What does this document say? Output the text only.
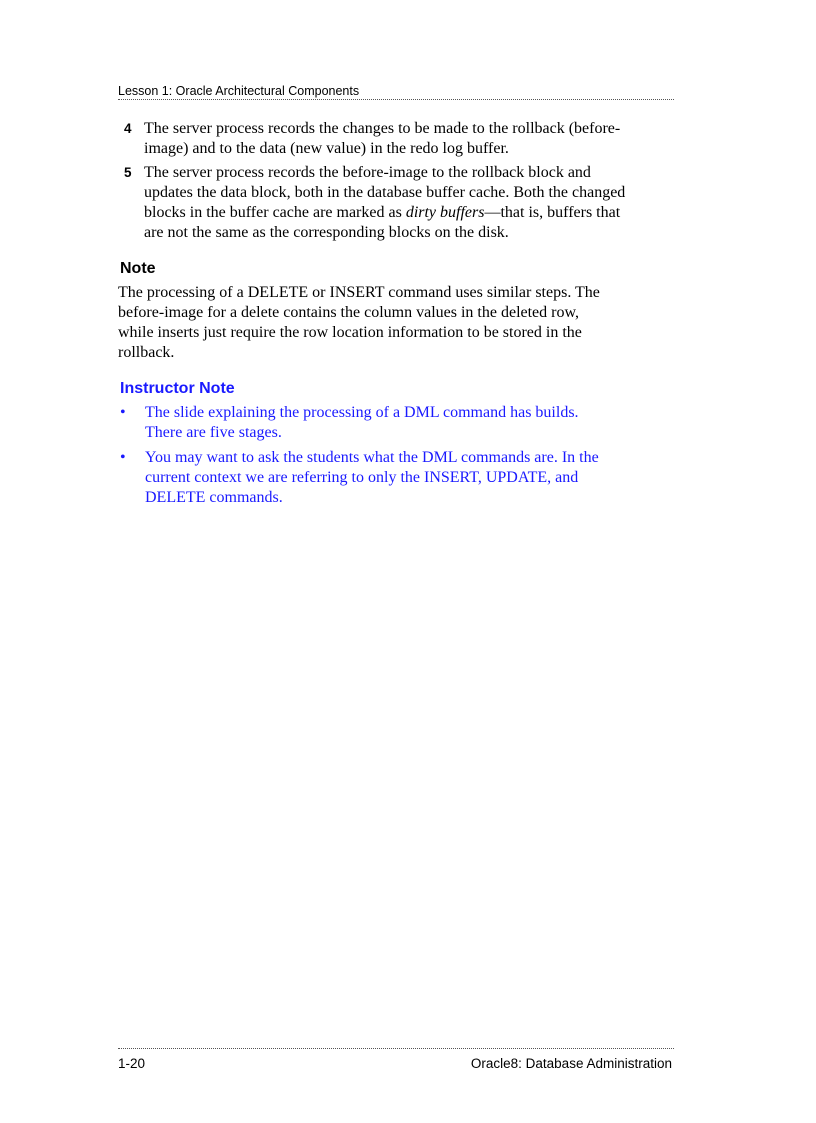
Lesson 1: Oracle Architectural Components
4 The server process records the changes to be made to the rollback (before-image) and to the data (new value) in the redo log buffer.
5 The server process records the before-image to the rollback block and updates the data block, both in the database buffer cache. Both the changed blocks in the buffer cache are marked as dirty buffers—that is, buffers that are not the same as the corresponding blocks on the disk.
Note

The processing of a DELETE or INSERT command uses similar steps. The before-image for a delete contains the column values in the deleted row, while inserts just require the row location information to be stored in the rollback.

Instructor Note
• The slide explaining the processing of a DML command has builds. There are five stages.
• You may want to ask the students what the DML commands are. In the current context we are referring to only the INSERT, UPDATE, and DELETE commands.
1-20	Oracle8: Database Administration
